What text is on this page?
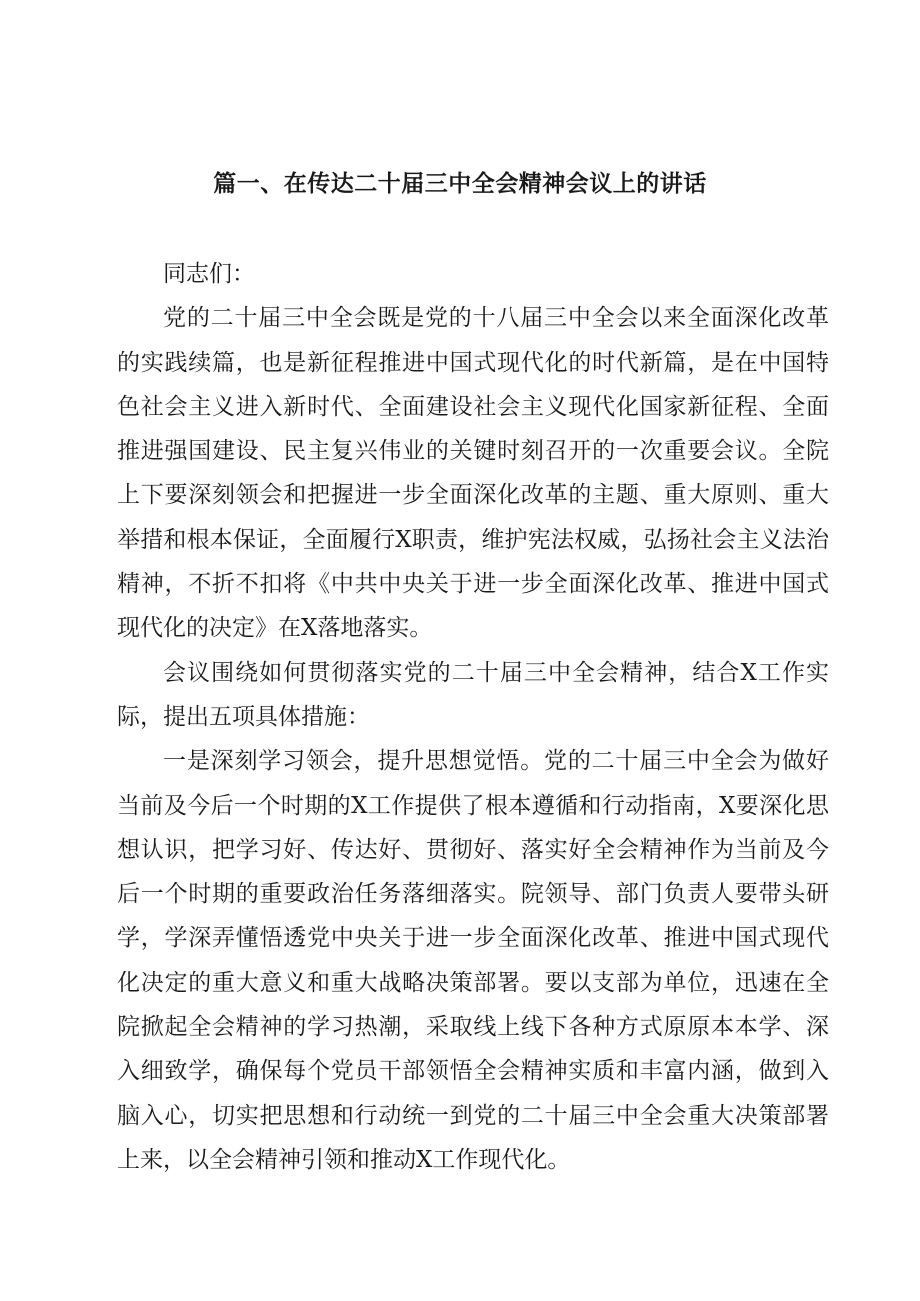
篇一、在传达二十届三中全会精神会议上的讲话

同志们：

党的二十届三中全会既是党的十八届三中全会以来全面深化改革的实践续篇，也是新征程推进中国式现代化的时代新篇，是在中国特色社会主义进入新时代、全面建设社会主义现代化国家新征程、全面推进强国建设、民主复兴伟业的关键时刻召开的一次重要会议。全院上下要深刻领会和把握进一步全面深化改革的主题、重大原则、重大举措和根本保证，全面履行X职责，维护宪法权威，弘扬社会主义法治精神，不折不扣将《中共中央关于进一步全面深化改革、推进中国式现代化的决定》在X落地落实。

会议围绕如何贯彻落实党的二十届三中全会精神，结合X工作实际，提出五项具体措施：

一是深刻学习领会，提升思想觉悟。党的二十届三中全会为做好当前及今后一个时期的X工作提供了根本遵循和行动指南，X要深化思想认识，把学习好、传达好、贯彻好、落实好全会精神作为当前及今后一个时期的重要政治任务落细落实。院领导、部门负责人要带头研学，学深弄懂悟透党中央关于进一步全面深化改革、推进中国式现代化决定的重大意义和重大战略决策部署。要以支部为单位，迅速在全院掀起全会精神的学习热潮，采取线上线下各种方式原原本本学、深入细致学，确保每个党员干部领悟全会精神实质和丰富内涵，做到入脑入心，切实把思想和行动统一到党的二十届三中全会重大决策部署上来，以全会精神引领和推动X工作现代化。
